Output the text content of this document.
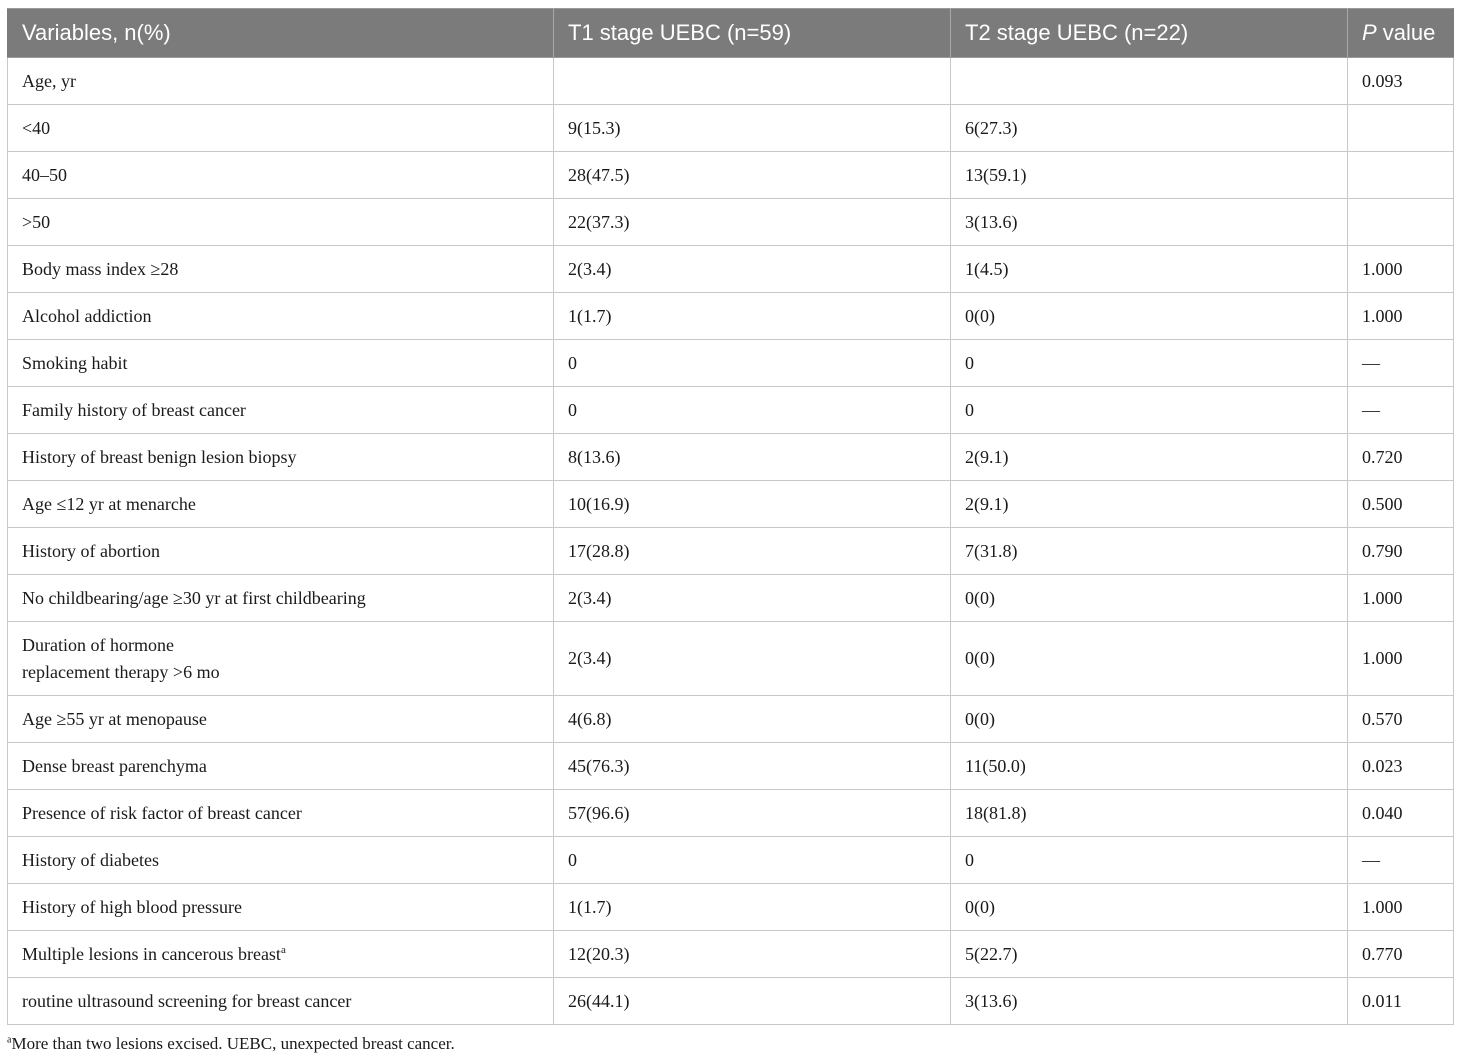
Variables, n(%)	T1 stage UEBC (n=59)	T2 stage UEBC (n=22)	P value
Age, yr			0.093
<40	9(15.3)	6(27.3)	
40–50	28(47.5)	13(59.1)	
>50	22(37.3)	3(13.6)	
Body mass index ≥28	2(3.4)	1(4.5)	1.000
Alcohol addiction	1(1.7)	0(0)	1.000
Smoking habit	0	0	—
Family history of breast cancer	0	0	—
History of breast benign lesion biopsy	8(13.6)	2(9.1)	0.720
Age ≤12 yr at menarche	10(16.9)	2(9.1)	0.500
History of abortion	17(28.8)	7(31.8)	0.790
No childbearing/age ≥30 yr at first childbearing	2(3.4)	0(0)	1.000
Duration of hormone
replacement therapy >6 mo	2(3.4)	0(0)	1.000
Age ≥55 yr at menopause	4(6.8)	0(0)	0.570
Dense breast parenchyma	45(76.3)	11(50.0)	0.023
Presence of risk factor of breast cancer	57(96.6)	18(81.8)	0.040
History of diabetes	0	0	—
History of high blood pressure	1(1.7)	0(0)	1.000
Multiple lesions in cancerous breast$^a$	12(20.3)	5(22.7)	0.770
routine ultrasound screening for breast cancer	26(44.1)	3(13.6)	0.011
$^a$More than two lesions excised. UEBC, unexpected breast cancer.
